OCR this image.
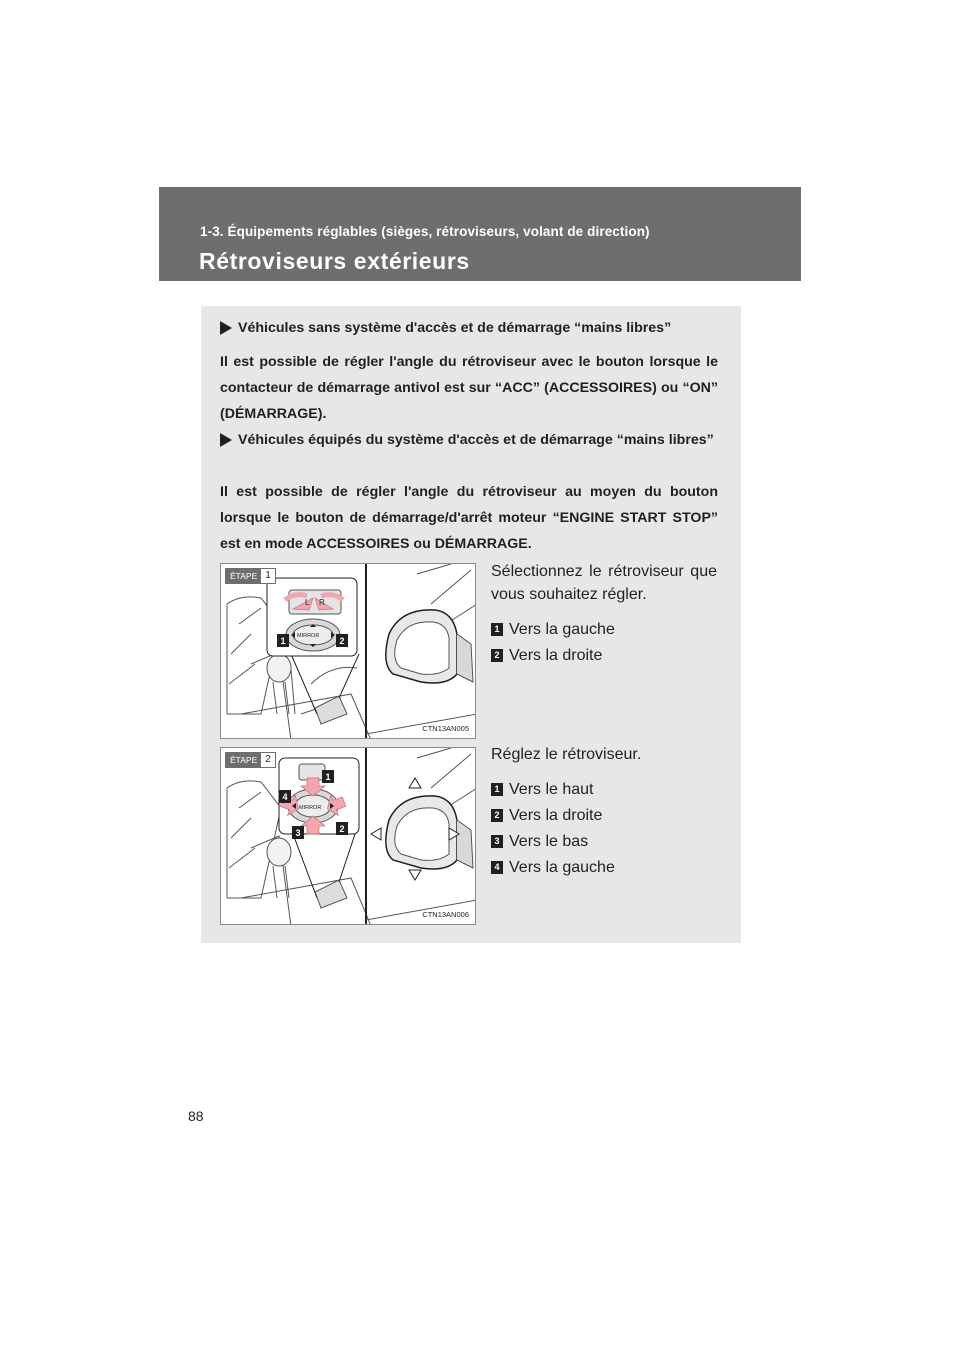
1-3. Équipements réglables (sièges, rétroviseurs, volant de direction)
Rétroviseurs extérieurs
Véhicules sans système d'accès et de démarrage “mains libres”
Il est possible de régler l'angle du rétroviseur avec le bouton lorsque le contacteur de démarrage antivol est sur “ACC” (ACCESSOIRES) ou “ON” (DÉMARRAGE).
Véhicules équipés du système d'accès et de démarrage “mains libres”
Il est possible de régler l'angle du rétroviseur au moyen du bouton lorsque le bouton de démarrage/d'arrêt moteur “ENGINE START STOP” est en mode ACCESSOIRES ou DÉMARRAGE.
ÉTAPE 1
L R
MIRROR
1	2
CTN13AN005
Sélectionnez le rétroviseur que vous souhaitez régler.
1 Vers la gauche
2 Vers la droite
ÉTAPE 2
MIRROR
1
4
3	2
CTN13AN006
Réglez le rétroviseur.
1 Vers le haut
2 Vers la droite
3 Vers le bas
4 Vers la gauche
88
